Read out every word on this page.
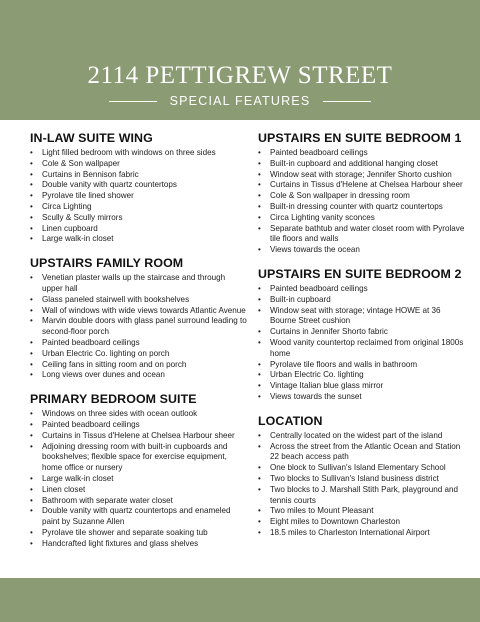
2114 PETTIGREW STREET
SPECIAL FEATURES
IN-LAW SUITE WING
• Light filled bedroom with windows on three sides
• Cole & Son wallpaper
• Curtains in Bennison fabric
• Double vanity with quartz countertops
• Pyrolave tile lined shower
• Circa Lighting
• Scully & Scully mirrors
• Linen cupboard
• Large walk-in closet
UPSTAIRS FAMILY ROOM
• Venetian plaster walls up the staircase and through upper hall
• Glass paneled stairwell with bookshelves
• Wall of windows with wide views towards Atlantic Avenue
• Marvin double doors with glass panel surround leading to second-floor porch
• Painted beadboard ceilings
• Urban Electric Co. lighting on porch
• Ceiling fans in sitting room and on porch
• Long views over dunes and ocean
PRIMARY BEDROOM SUITE
• Windows on three sides with ocean outlook
• Painted beadboard ceilings
• Curtains in Tissus d'Helene at Chelsea Harbour sheer
• Adjoining dressing room with built-in cupboards and bookshelves; flexible space for exercise equipment, home office or nursery
• Large walk-in closet
• Linen closet
• Bathroom with separate water closet
• Double vanity with quartz countertops and enameled paint by Suzanne Allen
• Pyrolave tile shower and separate soaking tub
• Handcrafted light fixtures and glass shelves
UPSTAIRS EN SUITE BEDROOM 1
• Painted beadboard ceilings
• Built-in cupboard and additional hanging closet
• Window seat with storage; Jennifer Shorto cushion
• Curtains in Tissus d'Helene at Chelsea Harbour sheer
• Cole & Son wallpaper in dressing room
• Built-in dressing counter with quartz countertops
• Circa Lighting vanity sconces
• Separate bathtub and water closet room with Pyrolave tile floors and walls
• Views towards the ocean
UPSTAIRS EN SUITE BEDROOM 2
• Painted beadboard ceilings
• Built-in cupboard
• Window seat with storage; vintage HOWE at 36 Bourne Street cushion
• Curtains in Jennifer Shorto fabric
• Wood vanity countertop reclaimed from original 1800s home
• Pyrolave tile floors and walls in bathroom
• Urban Electric Co. lighting
• Vintage Italian blue glass mirror
• Views towards the sunset
LOCATION
• Centrally located on the widest part of the island
• Across the street from the Atlantic Ocean and Station 22 beach access path
• One block to Sullivan's Island Elementary School
• Two blocks to Sullivan's Island business district
• Two blocks to J. Marshall Stith Park, playground and tennis courts
• Two miles to Mount Pleasant
• Eight miles to Downtown Charleston
• 18.5 miles to Charleston International Airport
